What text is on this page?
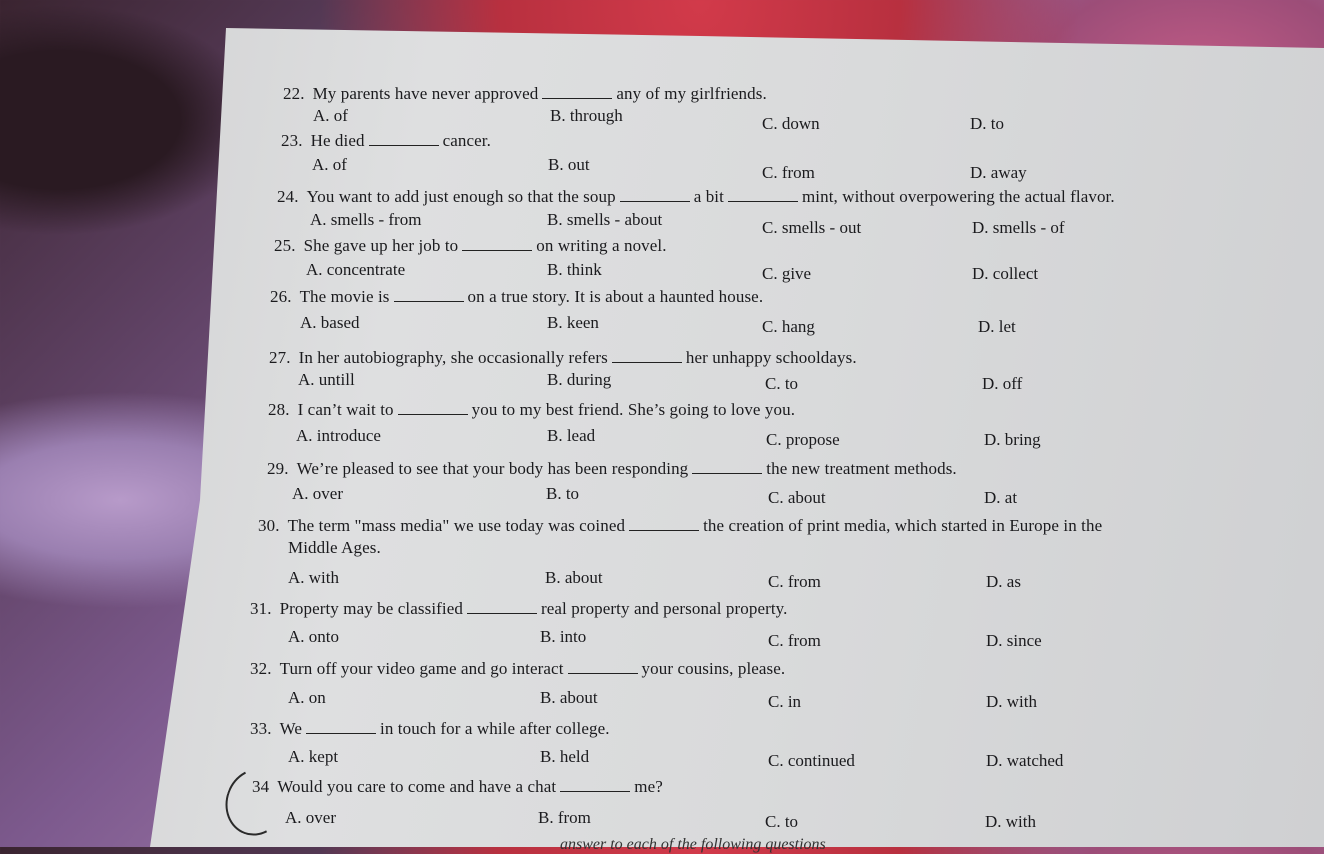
22. My parents have never approved	any of my girlfriends.
A. of	B. through	C. down	D. to
23. He died	cancer.
A. of	B. out	C. from	D. away
24. You want to add just enough so that the soup	a bit	mint, without overpowering the actual flavor.
A. smells - from	B. smells - about	C. smells - out	D. smells - of
25. She gave up her job to	on writing a novel.
A. concentrate	B. think	C. give	D. collect
26. The movie is	on a true story. It is about a haunted house.
A. based	B. keen	C. hang	D. let
27. In her autobiography, she occasionally refers	her unhappy schooldays.
A. untill	B. during	C. to	D. off
28. I can’t wait to	you to my best friend. She’s going to love you.
A. introduce	B. lead	C. propose	D. bring
29. We’re pleased to see that your body has been responding	the new treatment methods.
A. over	B. to	C. about	D. at
30. The term "mass media" we use today was coined	the creation of print media, which started in Europe in the
Middle Ages.
A. with	B. about	C. from	D. as
31. Property may be classified	real property and personal property.
A. onto	B. into	C. from	D. since
32. Turn off your video game and go interact	your cousins, please.
A. on	B. about	C. in	D. with
33. We	in touch for a while after college.
A. kept	B. held	C. continued	D. watched
34 Would you care to come and have a chat	me?
A. over	B. from	C. to	D. with
answer to each of the following questions
